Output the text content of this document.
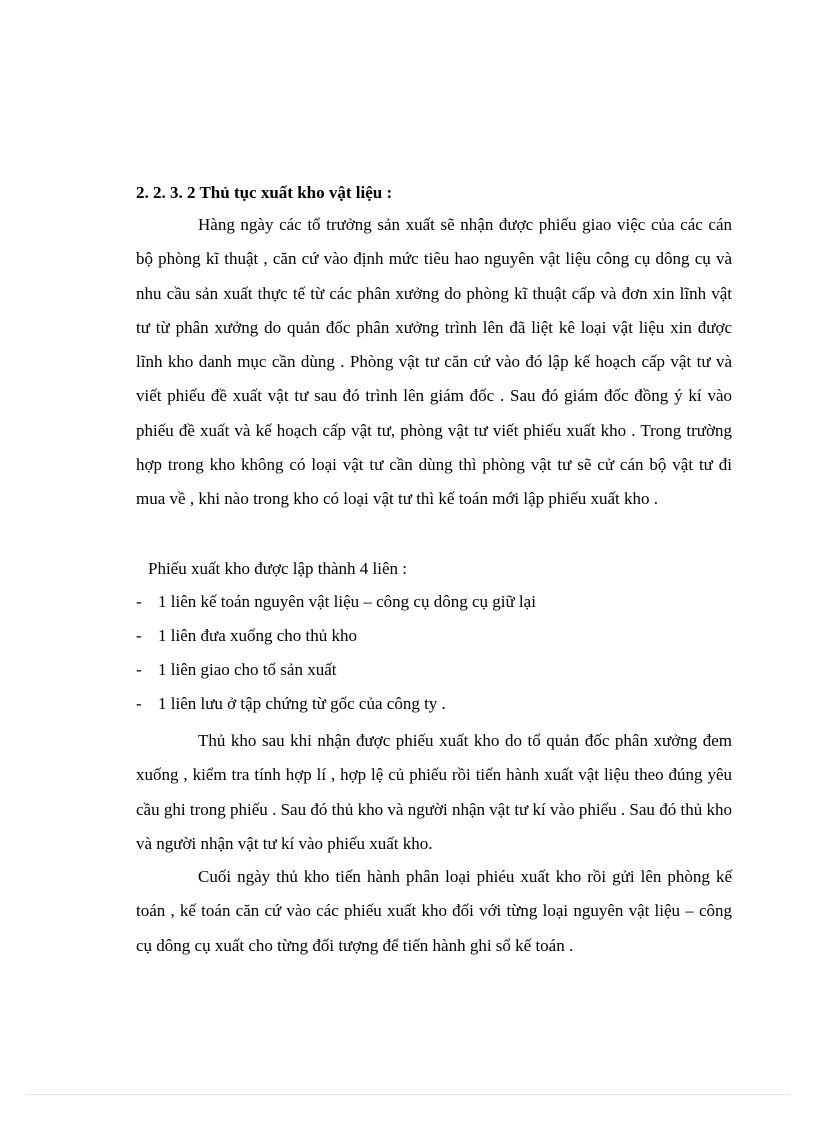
2. 2. 3. 2 Thủ tục xuất kho vật liệu :

Hàng ngày các tổ trưởng sản xuất sẽ nhận được phiếu giao việc của các cán bộ phòng kĩ thuật , căn cứ vào định mức tiêu hao nguyên vật liệu công cụ dông cụ và nhu cầu sản xuất thực tế từ các phân xưởng do phòng kĩ thuật cấp và đơn xin lĩnh vật tư từ phân xưởng do quản đốc phân xưởng trình lên đã liệt kê loại vật liệu xin được lĩnh kho danh mục cần dùng . Phòng vật tư căn cứ vào đó lập kế hoạch cấp vật tư và viết phiếu đề xuất vật tư sau đó trình lên giám đốc . Sau đó giám đốc đồng ý kí vào phiếu đề xuất và kế hoạch cấp vật tư, phòng vật tư viết phiếu xuất kho . Trong trường hợp trong kho không có loại vật tư cần dùng thì phòng vật tư sẽ cử cán bộ vật tư đi mua về , khi nào trong kho có loại vật tư thì kế toán mới lập phiếu xuất kho .

Phiếu xuất kho được lập thành 4 liên :
- 1 liên kế toán nguyên vật liệu – công cụ dông cụ giữ lại
- 1 liên đưa xuống cho thủ kho
- 1 liên giao cho tổ sản xuất
- 1 liên lưu ở tập chứng từ gốc của công ty .

Thủ kho sau khi nhận được phiếu xuất kho do tổ quản đốc phân xưởng đem xuống , kiểm tra tính hợp lí , hợp lệ củ phiếu rồi tiến hành xuất vật liệu theo đúng yêu cầu ghi trong phiếu . Sau đó thủ kho và người nhận vật tư kí vào phiếu . Sau đó thủ kho và người nhận vật tư kí vào phiếu xuất kho.

Cuối ngày thủ kho tiến hành phân loại phiéu xuất kho rồi gửi lên phòng kế toán , kế toán căn cứ vào các phiếu xuất kho đối với từng loại nguyên vật liệu – công cụ dông cụ xuất cho từng đối tượng để tiến hành ghi sổ kế toán .
